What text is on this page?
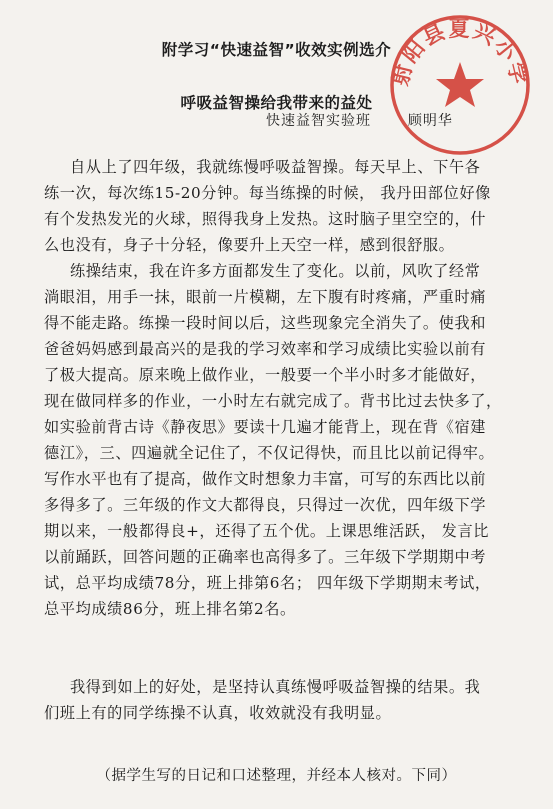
附学习“快速益智”收效实例选介
呼吸益智操给我带来的益处
快速益智实验班	顾明华
自从上了四年级，我就练慢呼吸益智操。每天早上、下午各
练一次，每次练15-20分钟。每当练操的时候， 我丹田部位好像
有个发热发光的火球，照得我身上发热。这时脑子里空空的，什
么也没有，身子十分轻，像要升上天空一样，感到很舒服。
练操结束，我在许多方面都发生了变化。以前，风吹了经常
淌眼泪，用手一抹，眼前一片模糊，左下腹有时疼痛，严重时痛
得不能走路。练操一段时间以后，这些现象完全消失了。使我和
爸爸妈妈感到最高兴的是我的学习效率和学习成绩比实验以前有
了极大提高。原来晚上做作业，一般要一个半小时多才能做好，
现在做同样多的作业，一小时左右就完成了。背书比过去快多了，
如实验前背古诗《静夜思》要读十几遍才能背上，现在背《宿建
德江》，三、四遍就全记住了，不仅记得快，而且比以前记得牢。
写作水平也有了提高，做作文时想象力丰富，可写的东西比以前
多得多了。三年级的作文大都得良，只得过一次优，四年级下学
期以来，一般都得良+，还得了五个优。上课思维活跃， 发言比
以前踊跃，回答问题的正确率也高得多了。三年级下学期期中考
试，总平均成绩78分，班上排第6名； 四年级下学期期末考试，
总平均成绩86分，班上排名第2名。
我得到如上的好处，是坚持认真练慢呼吸益智操的结果。我
们班上有的同学练操不认真，收效就没有我明显。
（据学生写的日记和口述整理，并经本人核对。下同）
射阳县夏兴小学
